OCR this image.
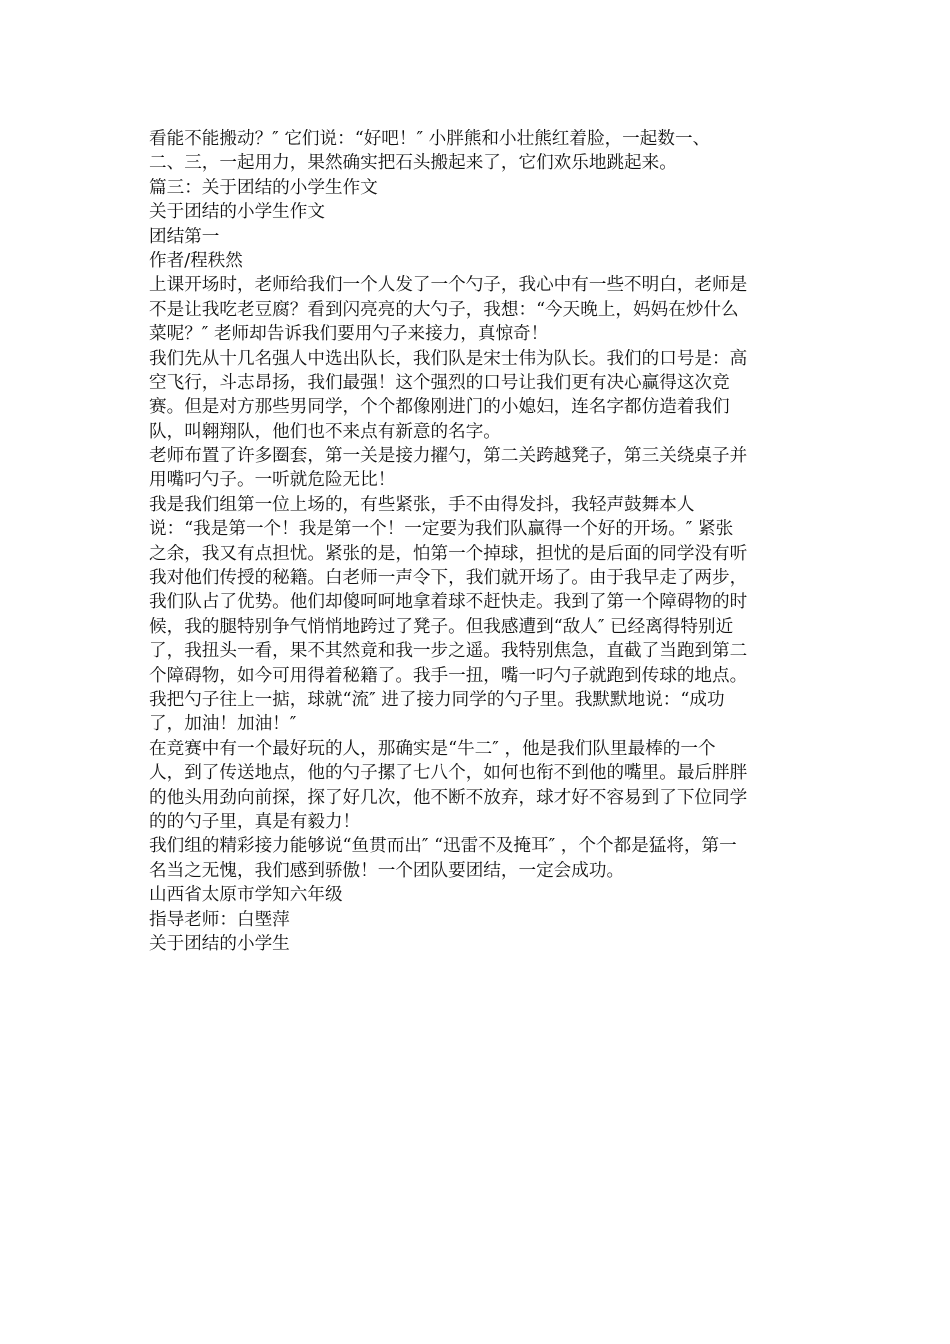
看能不能搬动？″ 它们说：“好吧！″ 小胖熊和小壮熊红着脸，一起数一、
二、三，一起用力，果然确实把石头搬起来了，它们欢乐地跳起来。
篇三：关于团结的小学生作文
关于团结的小学生作文
团结第一
作者/程秩然
上课开场时，老师给我们一个人发了一个勺子，我心中有一些不明白，老师是
不是让我吃老豆腐？看到闪亮亮的大勺子，我想：“今天晚上，妈妈在炒什么
菜呢？″ 老师却告诉我们要用勺子来接力，真惊奇！
我们先从十几名强人中选出队长，我们队是宋士伟为队长。我们的口号是：高
空飞行，斗志昂扬，我们最强！这个强烈的口号让我们更有决心赢得这次竞
赛。但是对方那些男同学，个个都像刚进门的小媳妇，连名字都仿造着我们
队，叫翱翔队，他们也不来点有新意的名字。
老师布置了许多圈套，第一关是接力擢勺，第二关跨越凳子，第三关绕桌子并
用嘴叼勺子。一听就危险无比！
我是我们组第一位上场的，有些紧张，手不由得发抖，我轻声鼓舞本人
说：“我是第一个！我是第一个！一定要为我们队赢得一个好的开场。″ 紧张
之余，我又有点担忧。紧张的是，怕第一个掉球，担忧的是后面的同学没有听
我对他们传授的秘籍。白老师一声令下，我们就开场了。由于我早走了两步，
我们队占了优势。他们却傻呵呵地拿着球不赶快走。我到了第一个障碍物的时
候，我的腿特别争气悄悄地跨过了凳子。但我感遭到“敌人″ 已经离得特别近
了，我扭头一看，果不其然竟和我一步之遥。我特别焦急，直截了当跑到第二
个障碍物，如今可用得着秘籍了。我手一扭，嘴一叼勺子就跑到传球的地点。
我把勺子往上一掂，球就“流″ 进了接力同学的勺子里。我默默地说：“成功
了，加油！加油！″
在竞赛中有一个最好玩的人，那确实是“牛二″ ，他是我们队里最棒的一个
人，到了传送地点，他的勺子摞了七八个，如何也衔不到他的嘴里。最后胖胖
的他头用劲向前探，探了好几次，他不断不放弃，球才好不容易到了下位同学
的的勺子里，真是有毅力！
我们组的精彩接力能够说“鱼贯而出″ “迅雷不及掩耳″ ，个个都是猛将，第一
名当之无愧，我们感到骄傲！一个团队要团结，一定会成功。
山西省太原市学知六年级
指导老师：白塈萍
关于团结的小学生
